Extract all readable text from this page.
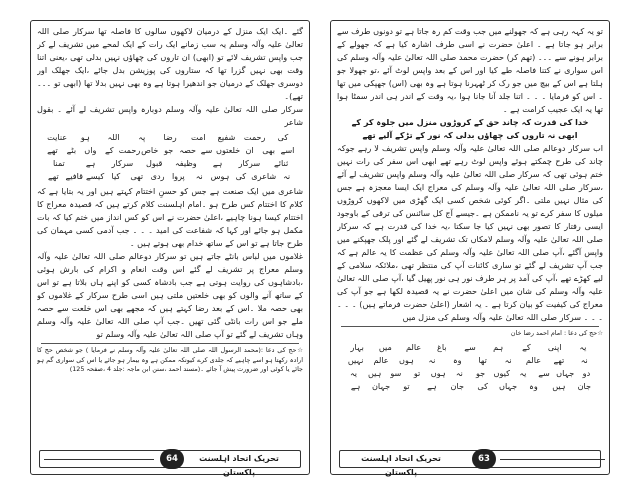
گئے ۔ایک ایک منزل کے درمیان لاکھوں سالوں کا فاصلہ تھا سرکار صلی اللہ تعالیٰ علیہ وآلہ وسلم یہ سب زمانے ایک رات کے ایک لمحے میں تشریف لے کر جب واپس تشریف لائے تو (ابھی) ان تاروں کی چھاؤں نہیں بدلی تھی ،یعنی اتنا وقت بھی نہیں گزرا تھا کہ ستاروں کی پوزیشن بدل جائے ،ایک جھلک اور دوسری جھلک کے درمیان جو اندھیرا ہوتا ہے وہ بھی نہیں بدلا تھا (ابھی تو ۔۔۔ تھے)۔

سرکار صلی اللہ تعالیٰ علیہ وآلہ وسلم دوبارہ واپس تشریف لے آئے ۔ بقول شاعر

کی
رحمت
شفیع
امت
رضا
پہ
اللہ
ہو
عنایت
اسے
بھی
ان
خلعتوں
سے
حصہ
جو
خاص
رحمت
کے
واں
بٹے
تھے
ثنائے
سرکار
ہے
وظیفہ
قبول
سرکار
ہے
تمنا
نہ
شاعری
کی
ہوس
نہ
پروا
ردی
تھی
کیا
کیسے
قافیے
تھے

شاعری میں ایک صنعت ہے جس کو حسنِ اختتام کہتے ہیں اور یہ بتایا ہے کہ کلام کا اختتام کس طرح ہو ۔امام اہلسنت کلام کرتے ہیں کہ قصیدہ معراج کا اختتام کیسا ہونا چاہیے ،اعلیٰ حضرت نے اس کو کس انداز میں ختم کیا کہ بات مکمل ہو جائے اور کہا کہ شفاعت کی امید ۔ ۔ ۔ جب آدمی کسی مہمان کی طرح جاتا ہے تو اس کے ساتھ خدام بھی ہوتے ہیں ۔

غلاموں میں لباس بانٹے جاتے ہیں تو سرکار دوعالم صلی اللہ تعالیٰ علیہ وآلہ وسلم معراج پر تشریف لے گئے اس وقت انعام و اکرام کی بارش ہوئی ،بادشاہوں کی روایت ہوتی ہے جب بادشاہ کسی کو اپنے ہاں بلاتا ہے تو اس کے ساتھ آنے والوں کو بھی خلعتیں ملتی ہیں اسی طرح سرکار کے غلاموں کو بھی حصہ ملا ۔اس کے بعد رضا کہتے ہیں کہ مجھے بھی اس خلعت سے حصہ ملے جو اس رات بانٹی گئی تھیں ۔جب آپ صلی اللہ تعالیٰ علیہ وآلہ وسلم وہاں تشریف لے گئے تو آپ صلی اللہ تعالیٰ علیہ وآلہ وسلم تو

☆حج کی دعا :(محمد الرسول اللہ صلی اللہ تعالیٰ علیہ وآلہ وسلم نے فرمایا ) جو شخص حج کا ارادہ رکھتا ہو اسے چاہیے کہ جلدی کرے کیونکہ ممکن ہے وہ بیمار ہو جائے یا اس کی سواری گم ہو جائے یا کوئی اور ضرورت پیش آ جائے ۔(مسند احمد ،سنن ابن ماجہ :جلد 4 ،صفحہ 125)

64	تحریک اتحاد اہلسنت پاکستان

تو یہ کہہ رہی ہے کہ جھولنے میں جب وقت کم رہ جاتا ہے تو دونوں طرف سے برابر ہو جاتا ہے ۔ اعلیٰ حضرت نے اسی طرف اشارہ کیا ہے کہ جھولے کے برابر ہونے سے ۔۔۔ (تھم کر) حضرت محمد صلی اللہ تعالیٰ علیہ وآلہ وسلم کی اس سواری نے کتنا فاصلہ طے کیا اور اس کے بعد واپس لوٹ آئے ،تو جھولا جو ہلتا ہے اس کے بیچ میں جو رک کر ٹھہرنا ہوتا ہے وہ بھی (اس) جھپکی میں تھا ۔ اس کو فرمایا ۔ ۔ ۔ اتنا جلد آنا جانا ہوا ،یہ وقت کے اندر ہی اندر سمٹا ہوا تھا یہ ایک عجیب کرامت ہے ۔

خدا کی قدرت کہ چاند حق کے کروڑوں منزل میں جلوہ کر کے

ابھی نہ تاروں کی چھاؤں بدلی کہ نور کے تڑکے آلیے تھے

اب سرکار دوعالم صلی اللہ تعالیٰ علیہ وآلہ وسلم واپس تشریف لا رہے جوکہ چاند کی طرح چمکتے ہوئے واپس لوٹ رہے تھے ابھی اس سفر کی رات نہیں ختم ہوئی تھی کہ سرکار صلی اللہ تعالیٰ علیہ وآلہ وسلم واپس تشریف لے آئے ،سرکار صلی اللہ تعالیٰ علیہ وآلہ وسلم کی معراج ایک ایسا معجزہ ہے جس کی مثال نہیں ملتی ۔اگر کوئی شخص کسی ایک گھڑی میں لاکھوں کروڑوں میلوں کا سفر کرے تو یہ ناممکن ہے ۔جیسے آج کل سائنس کی ترقی کے باوجود ایسی رفتار کا تصور بھی نہیں کیا جا سکتا ،یہ خدا کی قدرت ہے کہ سرکار صلی اللہ تعالیٰ علیہ وآلہ وسلم لامکاں تک تشریف لے گئے اور پلک جھپکنے میں واپس آگئے ،آپ صلی اللہ تعالیٰ علیہ وآلہ وسلم کی عظمت کا یہ عالم ہے کہ جب آپ تشریف لے گئے تو ساری کائنات آپ کی منتظر تھی ،ملائکہ سلامی کے لیے کھڑے تھے ،آپ کی آمد پر ہر طرف نور ہی نور پھیل گیا ،آپ صلی اللہ تعالیٰ علیہ وآلہ وسلم کی شان میں اعلیٰ حضرت نے یہ قصیدہ لکھا ہے جو آپ کی معراج کی کیفیت کو بیان کرتا ہے ۔ یہ اشعار (اعلیٰ حضرت فرماتے ہیں) ۔ ۔ ۔ ۔ ۔ ۔ سرکار صلی اللہ تعالیٰ علیہ وآلہ وسلم کی منزل میں

☆حج کی دعا : امام احمد رضا خان

یہ
اپنی
کے
ہم
سے
باغ
عالم
میں
بہار
نہ
تھے
عالم
نہ
تھا
وہ
نہ
ہوں
عالم
نہیں
دو
جہاں
سے
یہ
کیوں
جو
نہ
ہوں
تو
سو
ہیں
یہ
جان
ہیں
وہ
جہاں
کی
جان
ہے
تو
جہان
ہے
تحریک اتحاد اہلسنت پاکستان
63
